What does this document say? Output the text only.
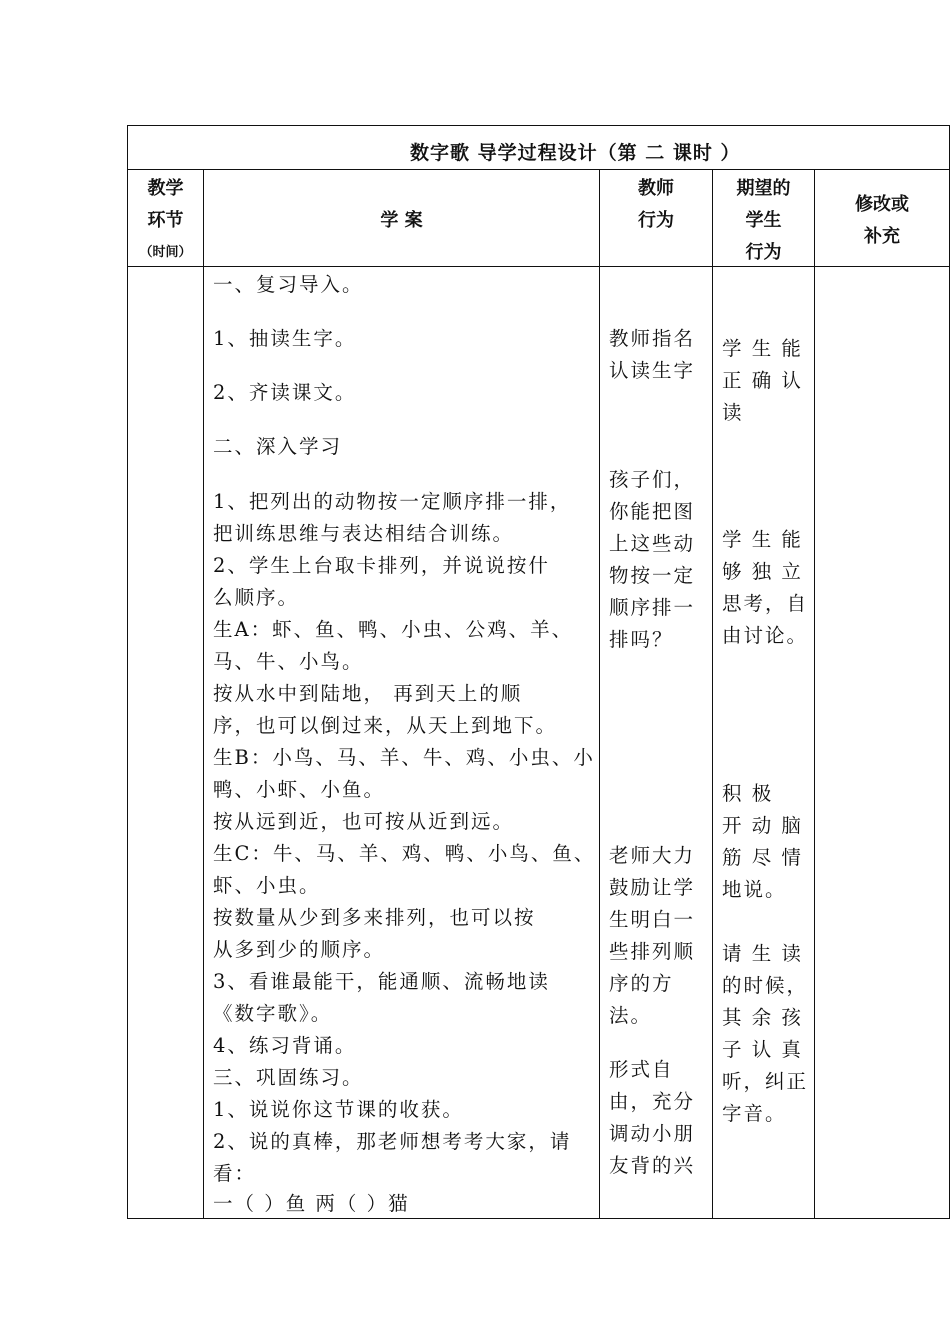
数字歌 导学过程设计（第 二 课时 ）
教学
环节
（时间）
学 案
教师
行为
期望的
学生
行为
修改或
补充
一、复习导入。
1、抽读生字。
2、齐读课文。
二、深入学习
1、把列出的动物按一定顺序排一排，
把训练思维与表达相结合训练。
2、学生上台取卡排列，并说说按什
么顺序。
生A：虾、鱼、鸭、小虫、公鸡、羊、
马、牛、小鸟。
按从水中到陆地， 再到天上的顺
序，也可以倒过来，从天上到地下。
生B：小鸟、马、羊、牛、鸡、小虫、小
鸭、小虾、小鱼。
按从远到近，也可按从近到远。
生C：牛、马、羊、鸡、鸭、小鸟、鱼、
虾、小虫。
按数量从少到多来排列，也可以按
从多到少的顺序。
3、看谁最能干，能通顺、流畅地读
《数字歌》。
4、练习背诵。
三、巩固练习。
1、说说你这节课的收获。
2、说的真棒，那老师想考考大家，请
看：
一（ ）鱼 两（ ）猫
教师指名
认读生字
孩子们，
你能把图
上这些动
物按一定
顺序排一
排吗？
老师大力
鼓励让学
生明白一
些排列顺
序的方
法。
形式自
由，充分
调动小朋
友背的兴
学 生 能
正 确 认
读
学 生 能
够 独 立
思考，自
由讨论。
积 极
开 动 脑
筋 尽 情
地说。
请 生 读
的时候，
其 余 孩
子 认 真
听，纠正
字音。
